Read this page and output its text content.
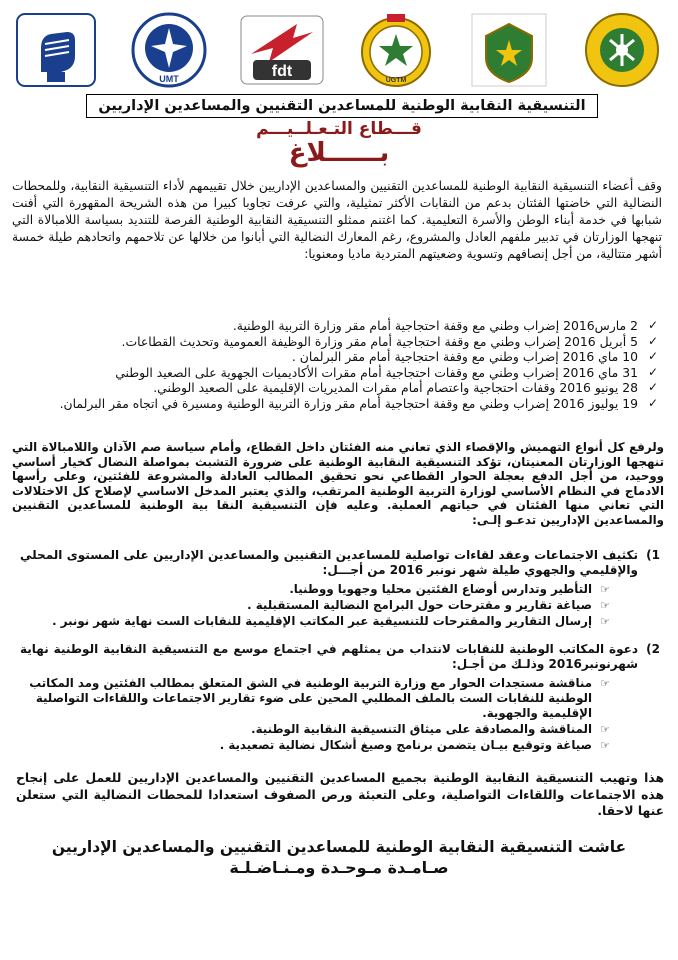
UMT	fdt
UGTM
التنسيقية النقابية الوطنية للمساعدين التقنيين والمساعدين الإداريين
قـــطاع التـعـلــيـــم
بــــــلاغ
وقف أعضاء التنسيقية النقابية الوطنية للمساعدين التقنيين والمساعدين الإداريين خلال تقييمهم لأداء التنسيقية النقابية، وللمحطات النضالية التي خاضتها الفئتان بدعم من النقابات الأكثر تمثيلية، والتي عرفت تجاوبا كبيرا من هذه الشريحة المقهورة التي أفنت شبابها في خدمة أبناء الوطن والأسرة التعليمية. كما اغتنم ممثلو التنسيقية النقابية الوطنية الفرصة للتنديد بسياسة اللامبالاة التي تنهجها الوزارتان في تدبير ملفهم العادل والمشروع، رغم المعارك النضالية التي أبانوا من خلالها عن تلاحمهم واتحادهم طيلة خمسة أشهر متتالية، من أجل إنصافهم وتسوية وضعيتهم المتردية ماديا ومعنويا:
✓
2 مارس2016 إضراب وطني مع وقفة احتجاجية أمام مقر وزارة التربية الوطنية.
✓
5 أبريل 2016 إضراب وطني مع وقفة احتجاجية أمام مقر وزارة الوظيفة العمومية وتحديث القطاعات.
✓
10 ماي 2016 إضراب وطني مع وقفة احتجاجية أمام مقر البرلمان .
✓
31 ماي 2016 إضراب وطني مع وقفات احتجاجية أمام مقرات الأكاديميات الجهوية على الصعيد الوطني
✓
28 يونيو 2016 وقفات احتجاجية واعتصام أمام مقرات المديريات الإقليمية على الصعيد الوطني.
✓
19 يوليوز 2016 إضراب وطني مع وقفة احتجاجية أمام مقر وزارة التربية الوطنية ومسيرة في اتجاه مقر البرلمان.
ولرفع كل أنواع التهميش والإقصاء الذي تعاني منه الفئتان داخل القطاع، وأمام سياسة صم الآذان واللامبالاة التي تنهجها الوزارتان المعنيتان، تؤكد التنسيقية النقابية الوطنية على ضرورة التشبث بمواصلة النضال كخيار أساسي ووحيد، من أجل الدفع بعجلة الحوار القطاعي نحو تحقيق المطالب العادلة والمشروعة للفئتين، وعلى رأسها الادماج في النظام الأساسي لوزارة التربية الوطنية المرتقب، والذي يعتبر المدخل الاساسي لإصلاح كل الاختلالات التي تعاني منها الفئتان في حياتهم العملية. وعليه فإن التنسيقية النقا بية الوطنية للمساعدين التقنيين والمساعدين الإداريين تدعـو إلـى:
1)
تكثيف الاجتماعات وعقد لقاءات تواصلية للمساعدين التقنيين والمساعدين الإداريين على المستوى المحلي والإقليمي والجهوي طيلة شهر نونبر 2016 من أجـــل:
☞
التأطير وتدارس أوضاع الفئتين محليا وجهويا ووطنيا.
☞
صياغة تقارير و مقترحات حول البرامج النضالية المستقبلية .
☞
إرسال التقارير والمقترحات للتنسيقية عبر المكاتب الإقليمية للنقابات الست نهاية شهر نونبر .
2)
دعوة المكاتب الوطنية للنقابات لانتداب من يمثلهم في اجتماع موسع مع التنسيقية النقابية الوطنية نهاية شهرنونبر2016 وذلـك من أجـل:
☞
مناقشة مستجدات الحوار مع وزارة التربية الوطنية في الشق المتعلق بمطالب الفئتين ومد المكاتب الوطنية للنقابات الست بالملف المطلبي المحين على ضوء تقارير الاجتماعات واللقاءات التواصلية الإقليمية والجهوية.
☞
المناقشة والمصادقة على ميثاق التنسيقية النقابية الوطنية.
☞
صياغة وتوقيع بيـان يتضمن برنامج وصيغ أشكال نضالية تصعيدية .
هذا وتهيب التنسيقية النقابية الوطنية بجميع المساعدين التقنيين والمساعدين الإداريين للعمل على إنجاح هذه الاجتماعات واللقاءات التواصلية، وعلى التعبئة ورص الصفوف استعدادا للمحطات النضالية التي ستعلن عنها لاحقا.
عاشت التنسيقية النقابية الوطنية للمساعدين التقنيين والمساعدين الإداريين
صـامـدة مـوحـدة ومـنـاضـلـة
